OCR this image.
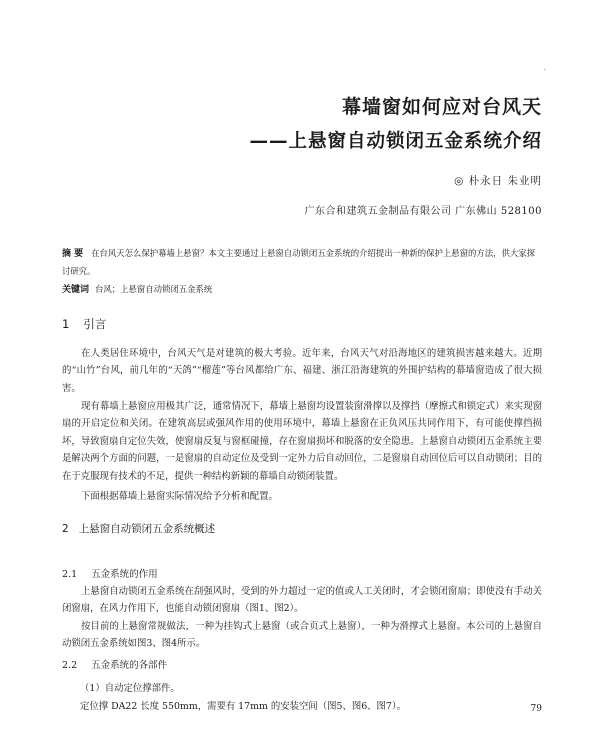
·
幕墙窗如何应对台风天
——上悬窗自动锁闭五金系统介绍
◎ 朴永日 朱业明
广东合和建筑五金制品有限公司 广东佛山 528100
摘 要 在台风天怎么保护幕墙上悬窗？本文主要通过上悬窗自动锁闭五金系统的介绍提出一种新的保护上悬窗的方法，供大家探讨研究。
关键词 台风；上悬窗自动锁闭五金系统
1 引言

在人类居住环境中，台风天气是对建筑的极大考验。近年来，台风天气对沿海地区的建筑损害越来越大。近期的“山竹”台风，前几年的“天鸽”“榴莲”等台风都给广东、福建、浙江沿海建筑的外围护结构的幕墙窗造成了很大损害。

现有幕墙上悬窗应用极其广泛，通常情况下，幕墙上悬窗均设置装窗滑撑以及撑挡（摩擦式和锁定式）来实现窗扇的开启定位和关闭。在建筑高层或强风作用的使用环境中，幕墙上悬窗在正负风压共同作用下，有可能使撑挡损坏，导致窗扇自定位失效，使窗扇反复与窗框碰撞，存在窗扇损坏和脱落的安全隐患。上悬窗自动锁闭五金系统主要是解决两个方面的问题，一是窗扇的自动定位及受到一定外力后自动回位，二是窗扇自动回位后可以自动锁闭；目的在于克服现有技术的不足，提供一种结构新颖的幕墙自动锁闭装置。

下面根据幕墙上悬窗实际情况给予分析和配置。

2 上悬窗自动锁闭五金系统概述
2.1 五金系统的作用

上悬窗自动锁闭五金系统在刮强风时，受到的外力超过一定的值或人工关闭时，才会锁闭窗扇；即使没有手动关闭窗扇，在风力作用下，也能自动锁闭窗扇（图1、图2）。

按目前的上悬窗常规做法，一种为挂钩式上悬窗（或合页式上悬窗），一种为滑撑式上悬窗。本公司的上悬窗自动锁闭五金系统如图3、图4所示。

2.2 五金系统的各部件
（1）自动定位撑部件。
定位撑 DA22 长度 550mm，需要有 17mm 的安装空间（图5、图6、图7）。	79
